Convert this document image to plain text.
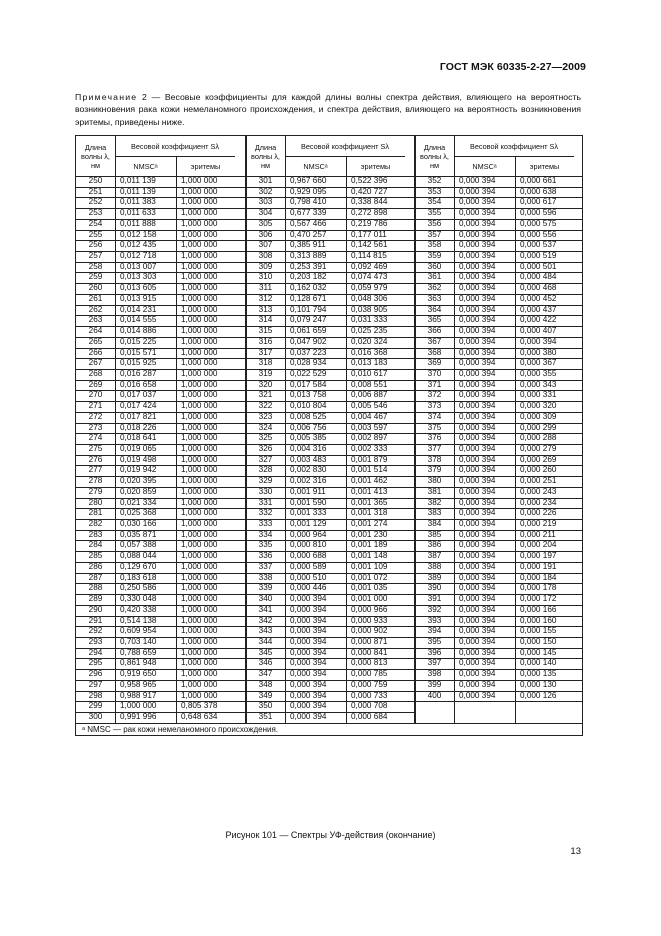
ГОСТ МЭК 60335-2-27—2009
Примечание 2 — Весовые коэффициенты для каждой длины волны спектра действия, влияющего на вероятность возникновения рака кожи немеланомного происхождения, и спектра действия, влияющего на вероятность возникновения эритемы, приведены ниже.
Длина волны λ, нм
Весовой коэффициент Sλ
NMSCᵃ	эритемы
Длина волны λ, нм
Весовой коэффициент Sλ
NMSCᵃ	эритемы
Длина волны λ, нм
Весовой коэффициент Sλ
NMSCᵃ	эритемы
ᵃ NMSC — рак кожи немеланомного происхождения.
250	0,011 139	1,000 000
251	0,011 139	1,000 000
252	0,011 383	1,000 000
253	0,011 633	1,000 000
254	0,011 888	1,000 000
255	0,012 158	1,000 000
256	0,012 435	1,000 000
257	0,012 718	1,000 000
258	0,013 007	1,000 000
259	0,013 303	1,000 000
260	0,013 605	1,000 000
261	0,013 915	1,000 000
262	0,014 231	1,000 000
263	0,014 555	1,000 000
264	0,014 886	1,000 000
265	0,015 225	1,000 000
266	0,015 571	1,000 000
267	0,015 925	1,000 000
268	0,016 287	1,000 000
269	0,016 658	1,000 000
270	0,017 037	1,000 000
271	0,017 424	1,000 000
272	0,017 821	1,000 000
273	0,018 226	1,000 000
274	0,018 641	1,000 000
275	0,019 065	1,000 000
276	0,019 498	1,000 000
277	0,019 942	1,000 000
278	0,020 395	1,000 000
279	0,020 859	1,000 000
280	0,021 334	1,000 000
281	0,025 368	1,000 000
282	0,030 166	1,000 000
283	0,035 871	1,000 000
284	0,057 388	1,000 000
285	0,088 044	1,000 000
286	0,129 670	1,000 000
287	0,183 618	1,000 000
288	0,250 586	1,000 000
289	0,330 048	1,000 000
290	0,420 338	1,000 000
291	0,514 138	1,000 000
292	0,609 954	1,000 000
293	0,703 140	1,000 000
294	0,788 659	1,000 000
295	0,861 948	1,000 000
296	0,919 650	1,000 000
297	0,958 965	1,000 000
298	0,988 917	1,000 000
299	1,000 000	0,805 378
300	0,991 996	0,648 634
301	0,967 660	0,522 396
302	0,929 095	0,420 727
303	0,798 410	0,338 844
304	0,677 339	0,272 898
305	0,567 466	0,219 786
306	0,470 257	0,177 011
307	0,385 911	0,142 561
308	0,313 889	0,114 815
309	0,253 391	0,092 469
310	0,203 182	0,074 473
311	0,162 032	0,059 979
312	0,128 671	0,048 306
313	0,101 794	0,038 905
314	0,079 247	0,031 333
315	0,061 659	0,025 235
316	0,047 902	0,020 324
317	0,037 223	0,016 368
318	0,028 934	0,013 183
319	0,022 529	0,010 617
320	0,017 584	0,008 551
321	0,013 758	0,006 887
322	0,010 804	0,005 546
323	0,008 525	0,004 467
324	0,006 756	0,003 597
325	0,005 385	0,002 897
326	0,004 316	0,002 333
327	0,003 483	0,001 879
328	0,002 830	0,001 514
329	0,002 316	0,001 462
330	0,001 911	0,001 413
331	0,001 590	0,001 365
332	0,001 333	0,001 318
333	0,001 129	0,001 274
334	0,000 964	0,001 230
335	0,000 810	0,001 189
336	0,000 688	0,001 148
337	0,000 589	0,001 109
338	0,000 510	0,001 072
339	0,000 446	0,001 035
340	0,000 394	0,001 000
341	0,000 394	0,000 966
342	0,000 394	0,000 933
343	0,000 394	0,000 902
344	0,000 394	0,000 871
345	0,000 394	0,000 841
346	0,000 394	0,000 813
347	0,000 394	0,000 785
348	0,000 394	0,000 759
349	0,000 394	0,000 733
350	0,000 394	0,000 708
351	0,000 394	0,000 684
352	0,000 394	0,000 661
353	0,000 394	0,000 638
354	0,000 394	0,000 617
355	0,000 394	0,000 596
356	0,000 394	0,000 575
357	0,000 394	0,000 556
358	0,000 394	0,000 537
359	0,000 394	0,000 519
360	0,000 394	0,000 501
361	0,000 394	0,000 484
362	0,000 394	0,000 468
363	0,000 394	0,000 452
364	0,000 394	0,000 437
365	0,000 394	0,000 422
366	0,000 394	0,000 407
367	0,000 394	0,000 394
368	0,000 394	0,000 380
369	0,000 394	0,000 367
370	0,000 394	0,000 355
371	0,000 394	0,000 343
372	0,000 394	0,000 331
373	0,000 394	0,000 320
374	0,000 394	0,000 309
375	0,000 394	0,000 299
376	0,000 394	0,000 288
377	0,000 394	0,000 279
378	0,000 394	0,000 269
379	0,000 394	0,000 260
380	0,000 394	0,000 251
381	0,000 394	0,000 243
382	0,000 394	0,000 234
383	0,000 394	0,000 226
384	0,000 394	0,000 219
385	0,000 394	0,000 211
386	0,000 394	0,000 204
387	0,000 394	0,000 197
388	0,000 394	0,000 191
389	0,000 394	0,000 184
390	0,000 394	0,000 178
391	0,000 394	0,000 172
392	0,000 394	0,000 166
393	0,000 394	0,000 160
394	0,000 394	0,000 155
395	0,000 394	0,000 150
396	0,000 394	0,000 145
397	0,000 394	0,000 140
398	0,000 394	0,000 135
399	0,000 394	0,000 130
400	0,000 394	0,000 126
Рисунок 101 — Спектры УФ-действия (окончание)
13
